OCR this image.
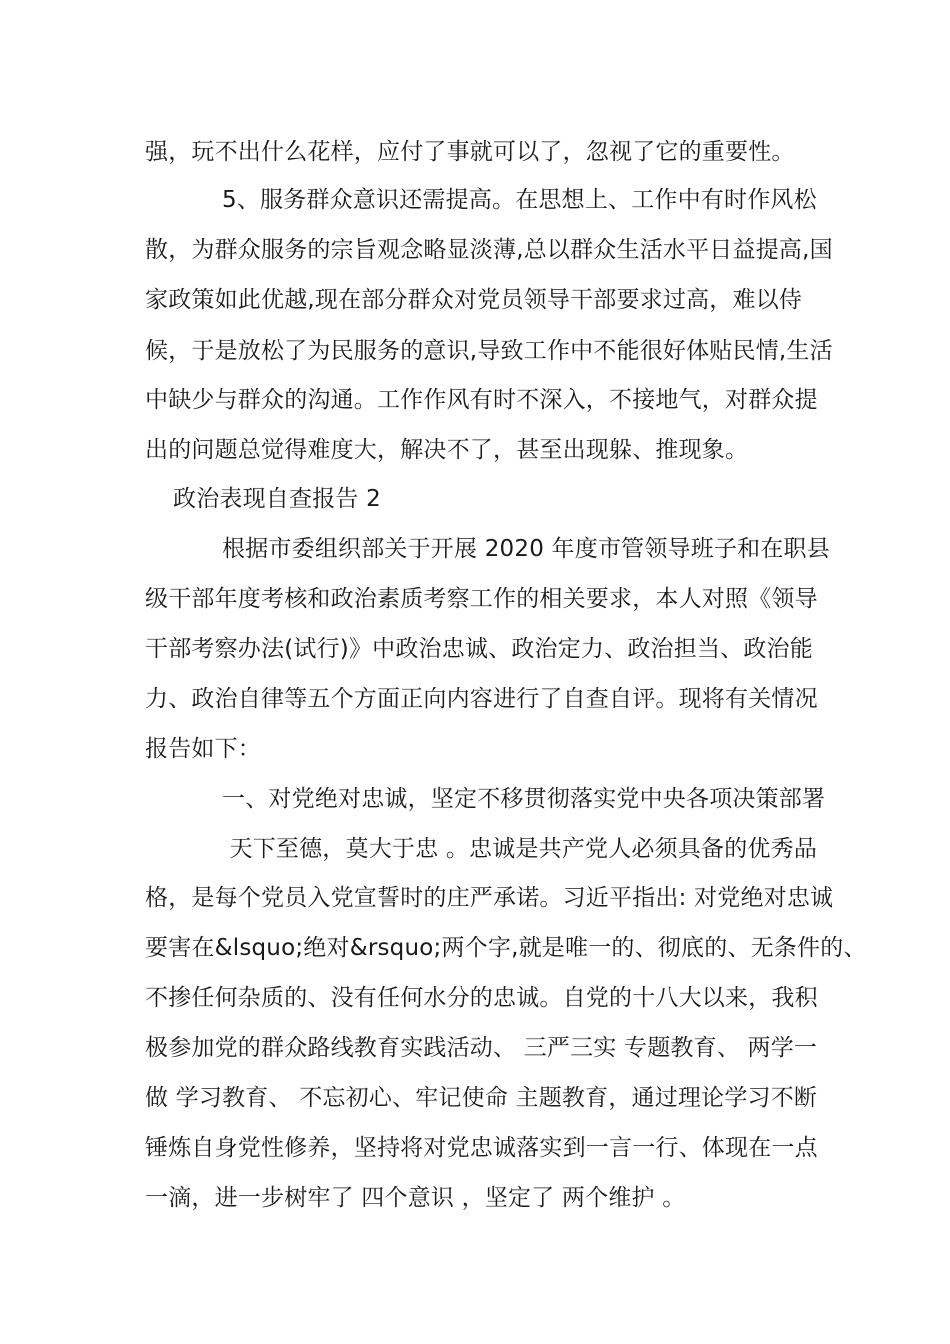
强，玩不出什么花样，应付了事就可以了，忽视了它的重要性。
5、服务群众意识还需提高。在思想上、工作中有时作风松
散，为群众服务的宗旨观念略显淡薄,总以群众生活水平日益提高,国
家政策如此优越,现在部分群众对党员领导干部要求过高，难以侍
候，于是放松了为民服务的意识,导致工作中不能很好体贴民情,生活
中缺少与群众的沟通。工作作风有时不深入，不接地气，对群众提
出的问题总觉得难度大，解决不了，甚至出现躲、推现象。
政治表现自查报告 2
根据市委组织部关于开展 2020 年度市管领导班子和在职县
级干部年度考核和政治素质考察工作的相关要求，本人对照《领导
干部考察办法(试行)》中政治忠诚、政治定力、政治担当、政治能
力、政治自律等五个方面正向内容进行了自查自评。现将有关情况
报告如下：
一、对党绝对忠诚，坚定不移贯彻落实党中央各项决策部署
天下至德，莫大于忠 。忠诚是共产党人必须具备的优秀品
格，是每个党员入党宣誓时的庄严承诺。习近平指出: 对党绝对忠诚
要害在&lsquo;绝对&rsquo;两个字,就是唯一的、彻底的、无条件的、
不掺任何杂质的、没有任何水分的忠诚。自党的十八大以来，我积
极参加党的群众路线教育实践活动、 三严三实 专题教育、 两学一
做 学习教育、 不忘初心、牢记使命 主题教育，通过理论学习不断
锤炼自身党性修养，坚持将对党忠诚落实到一言一行、体现在一点
一滴，进一步树牢了 四个意识 ，坚定了 两个维护 。
